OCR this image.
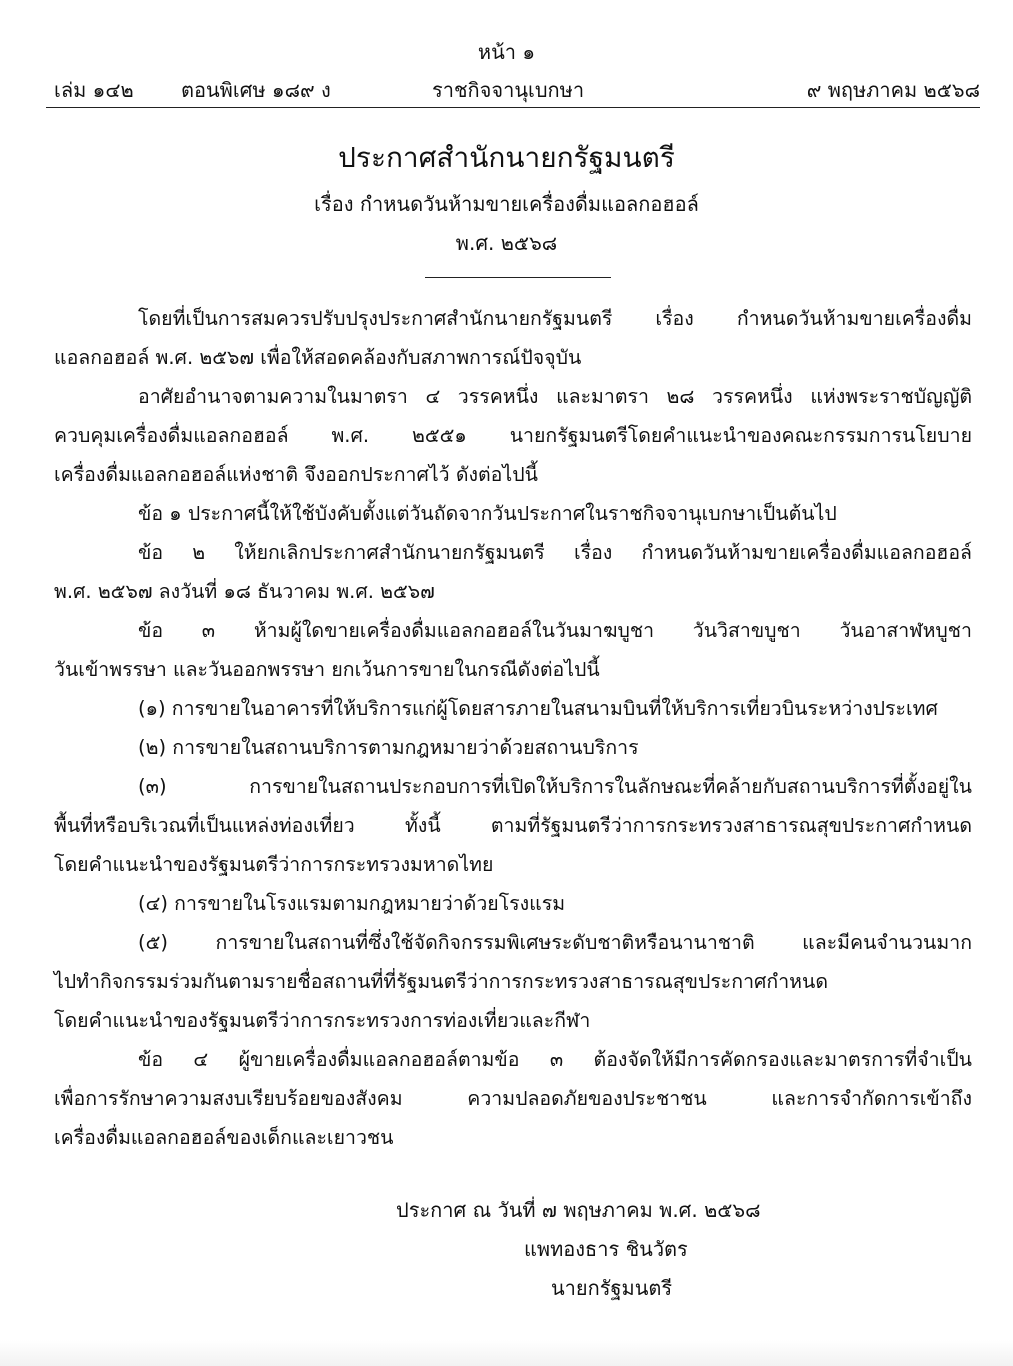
หน้า ๑
เล่ม ๑๔๒ ตอนพิเศษ ๑๘๙ ง	ราชกิจจานุเบกษา	๙ พฤษภาคม ๒๕๖๘
ประกาศสำนักนายกรัฐมนตรี
เรื่อง กำหนดวันห้ามขายเครื่องดื่มแอลกอฮอล์
พ.ศ. ๒๕๖๘
โดยที่เป็นการสมควรปรับปรุงประกาศสำนักนายกรัฐมนตรี เรื่อง กำหนดวันห้ามขายเครื่องดื่ม
แอลกอฮอล์ พ.ศ. ๒๕๖๗ เพื่อให้สอดคล้องกับสภาพการณ์ปัจจุบัน
อาศัยอำนาจตามความในมาตรา ๔ วรรคหนึ่ง และมาตรา ๒๘ วรรคหนึ่ง แห่งพระราชบัญญัติ
ควบคุมเครื่องดื่มแอลกอฮอล์ พ.ศ. ๒๕๕๑ นายกรัฐมนตรีโดยคำแนะนำของคณะกรรมการนโยบาย
เครื่องดื่มแอลกอฮอล์แห่งชาติ จึงออกประกาศไว้ ดังต่อไปนี้
ข้อ ๑ ประกาศนี้ให้ใช้บังคับตั้งแต่วันถัดจากวันประกาศในราชกิจจานุเบกษาเป็นต้นไป
ข้อ ๒ ให้ยกเลิกประกาศสำนักนายกรัฐมนตรี เรื่อง กำหนดวันห้ามขายเครื่องดื่มแอลกอฮอล์
พ.ศ. ๒๕๖๗ ลงวันที่ ๑๘ ธันวาคม พ.ศ. ๒๕๖๗
ข้อ ๓ ห้ามผู้ใดขายเครื่องดื่มแอลกอฮอล์ในวันมาฆบูชา วันวิสาขบูชา วันอาสาฬหบูชา
วันเข้าพรรษา และวันออกพรรษา ยกเว้นการขายในกรณีดังต่อไปนี้
(๑) การขายในอาคารที่ให้บริการแก่ผู้โดยสารภายในสนามบินที่ให้บริการเที่ยวบินระหว่างประเทศ
(๒) การขายในสถานบริการตามกฎหมายว่าด้วยสถานบริการ
(๓) การขายในสถานประกอบการที่เปิดให้บริการในลักษณะที่คล้ายกับสถานบริการที่ตั้งอยู่ใน
พื้นที่หรือบริเวณที่เป็นแหล่งท่องเที่ยว ทั้งนี้ ตามที่รัฐมนตรีว่าการกระทรวงสาธารณสุขประกาศกำหนด
โดยคำแนะนำของรัฐมนตรีว่าการกระทรวงมหาดไทย
(๔) การขายในโรงแรมตามกฎหมายว่าด้วยโรงแรม
(๕) การขายในสถานที่ซึ่งใช้จัดกิจกรรมพิเศษระดับชาติหรือนานาชาติ และมีคนจำนวนมาก
ไปทำกิจกรรมร่วมกันตามรายชื่อสถานที่ที่รัฐมนตรีว่าการกระทรวงสาธารณสุขประกาศกำหนด
โดยคำแนะนำของรัฐมนตรีว่าการกระทรวงการท่องเที่ยวและกีฬา
ข้อ ๔ ผู้ขายเครื่องดื่มแอลกอฮอล์ตามข้อ ๓ ต้องจัดให้มีการคัดกรองและมาตรการที่จำเป็น
เพื่อการรักษาความสงบเรียบร้อยของสังคม ความปลอดภัยของประชาชน และการจำกัดการเข้าถึง
เครื่องดื่มแอลกอฮอล์ของเด็กและเยาวชน
ประกาศ ณ วันที่ ๗ พฤษภาคม พ.ศ. ๒๕๖๘
แพทองธาร ชินวัตร
นายกรัฐมนตรี
